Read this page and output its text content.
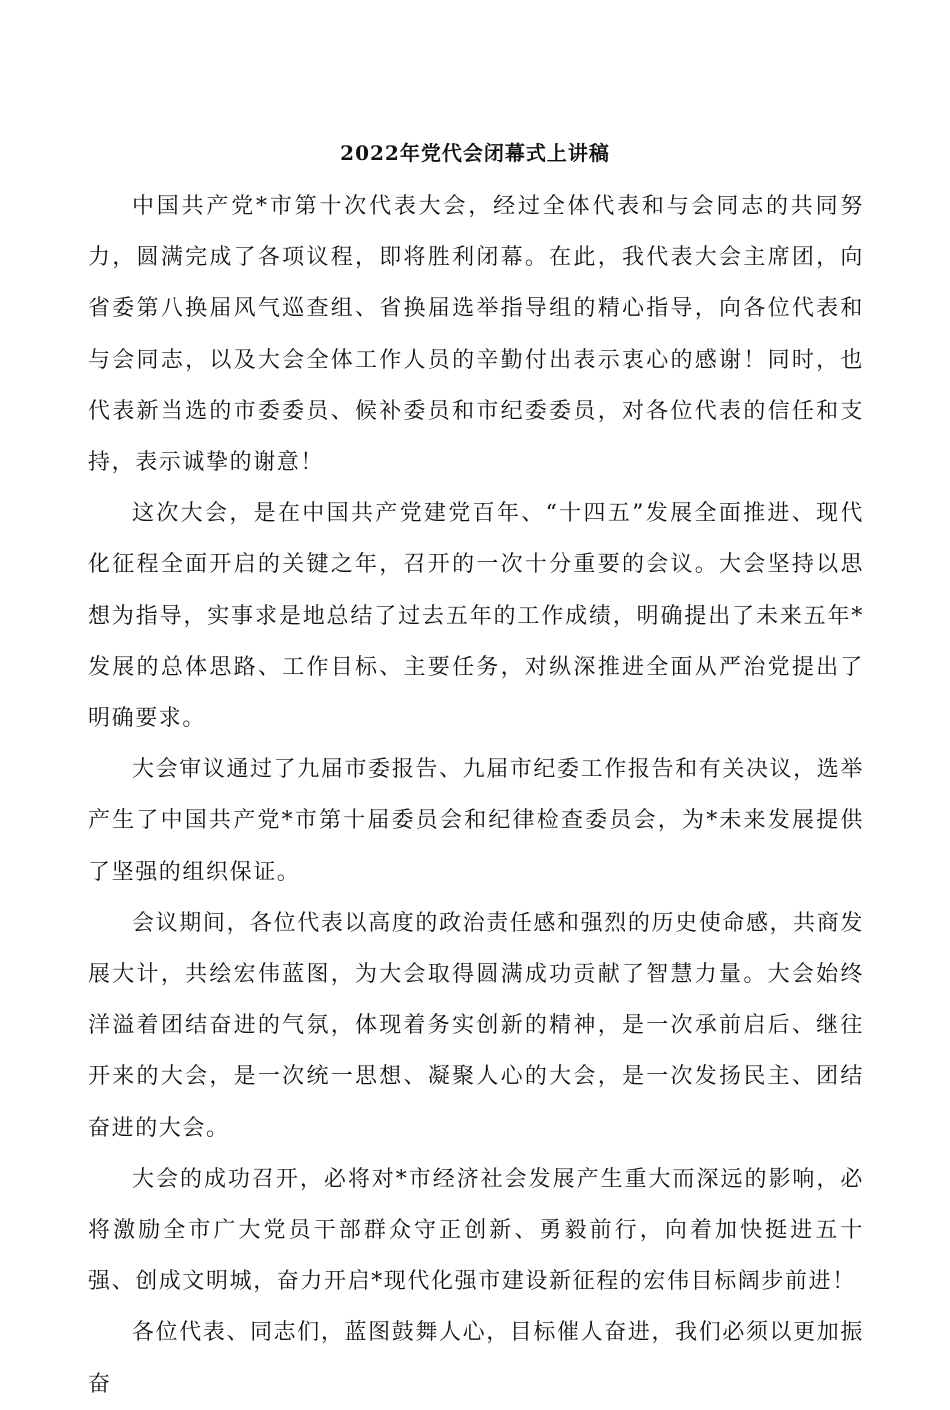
2022年党代会闭幕式上讲稿

中国共产党*市第十次代表大会，经过全体代表和与会同志的共同努力，圆满完成了各项议程，即将胜利闭幕。在此，我代表大会主席团，向省委第八换届风气巡查组、省换届选举指导组的精心指导，向各位代表和与会同志，以及大会全体工作人员的辛勤付出表示衷心的感谢！同时，也代表新当选的市委委员、候补委员和市纪委委员，对各位代表的信任和支持，表示诚挚的谢意！

这次大会，是在中国共产党建党百年、“十四五”发展全面推进、现代化征程全面开启的关键之年，召开的一次十分重要的会议。大会坚持以思想为指导，实事求是地总结了过去五年的工作成绩，明确提出了未来五年*发展的总体思路、工作目标、主要任务，对纵深推进全面从严治党提出了明确要求。

大会审议通过了九届市委报告、九届市纪委工作报告和有关决议，选举产生了中国共产党*市第十届委员会和纪律检查委员会，为*未来发展提供了坚强的组织保证。

会议期间，各位代表以高度的政治责任感和强烈的历史使命感，共商发展大计，共绘宏伟蓝图，为大会取得圆满成功贡献了智慧力量。大会始终洋溢着团结奋进的气氛，体现着务实创新的精神，是一次承前启后、继往开来的大会，是一次统一思想、凝聚人心的大会，是一次发扬民主、团结奋进的大会。

大会的成功召开，必将对*市经济社会发展产生重大而深远的影响，必将激励全市广大党员干部群众守正创新、勇毅前行，向着加快挺进五十强、创成文明城，奋力开启*现代化强市建设新征程的宏伟目标阔步前进！

各位代表、同志们，蓝图鼓舞人心，目标催人奋进，我们必须以更加振奋
